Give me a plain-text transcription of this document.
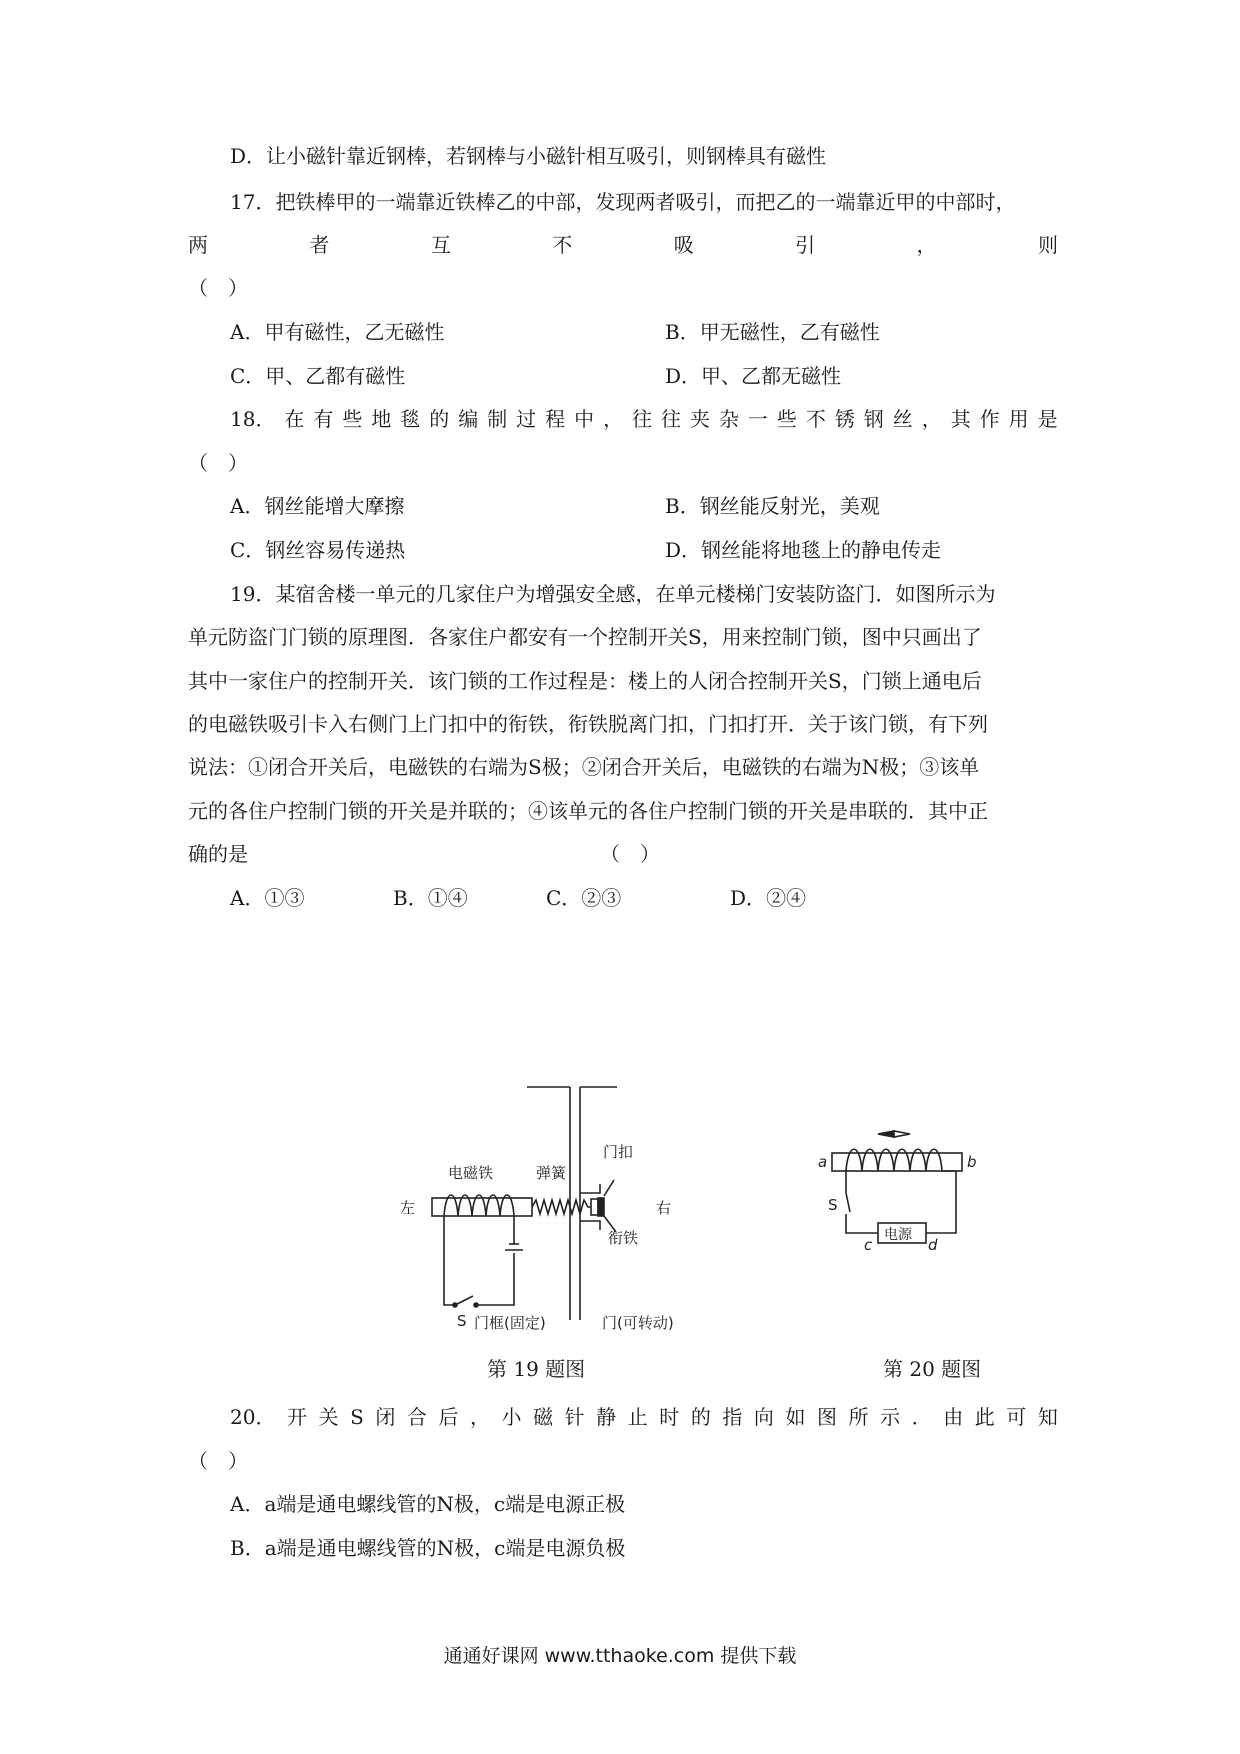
D．让小磁针靠近钢棒，若钢棒与小磁针相互吸引，则钢棒具有磁性
17．把铁棒甲的一端靠近铁棒乙的中部，发现两者吸引，而把乙的一端靠近甲的中部时，
两	者	互	不	吸	引	，	则
（　）
A．甲有磁性，乙无磁性	B．甲无磁性，乙有磁性
C．甲、乙都有磁性	D．甲、乙都无磁性
18． 在 有 些 地 毯 的 编 制 过 程 中 ， 往 往 夹 杂 一 些 不 锈 钢 丝 ， 其 作 用 是
（　）
A．钢丝能增大摩擦	B．钢丝能反射光，美观
C．钢丝容易传递热	D．钢丝能将地毯上的静电传走
19．某宿舍楼一单元的几家住户为增强安全感，在单元楼梯门安装防盗门．如图所示为
单元防盗门门锁的原理图．各家住户都安有一个控制开关S，用来控制门锁，图中只画出了
其中一家住户的控制开关．该门锁的工作过程是：楼上的人闭合控制开关S，门锁上通电后
的电磁铁吸引卡入右侧门上门扣中的衔铁，衔铁脱离门扣，门扣打开．关于该门锁，有下列
说法：①闭合开关后，电磁铁的右端为S极；②闭合开关后，电磁铁的右端为N极；③该单
元的各住户控制门锁的开关是并联的；④该单元的各住户控制门锁的开关是串联的．其中正
确的是	（　）
A．①③	B．①④	C．②③	D．②④
电磁铁	弹簧
门扣
左	右
衔铁
S 门框(固定)	门(可转动)
第 19 题图
a	b
S
电源
c	d
第 20 题图
20． 开 关 S 闭 合 后 ， 小 磁 针 静 止 时 的 指 向 如 图 所 示 ． 由 此 可 知
（　）
A．a端是通电螺线管的N极，c端是电源正极
B．a端是通电螺线管的N极，c端是电源负极
通通好课网 www.tthaoke.com 提供下载
